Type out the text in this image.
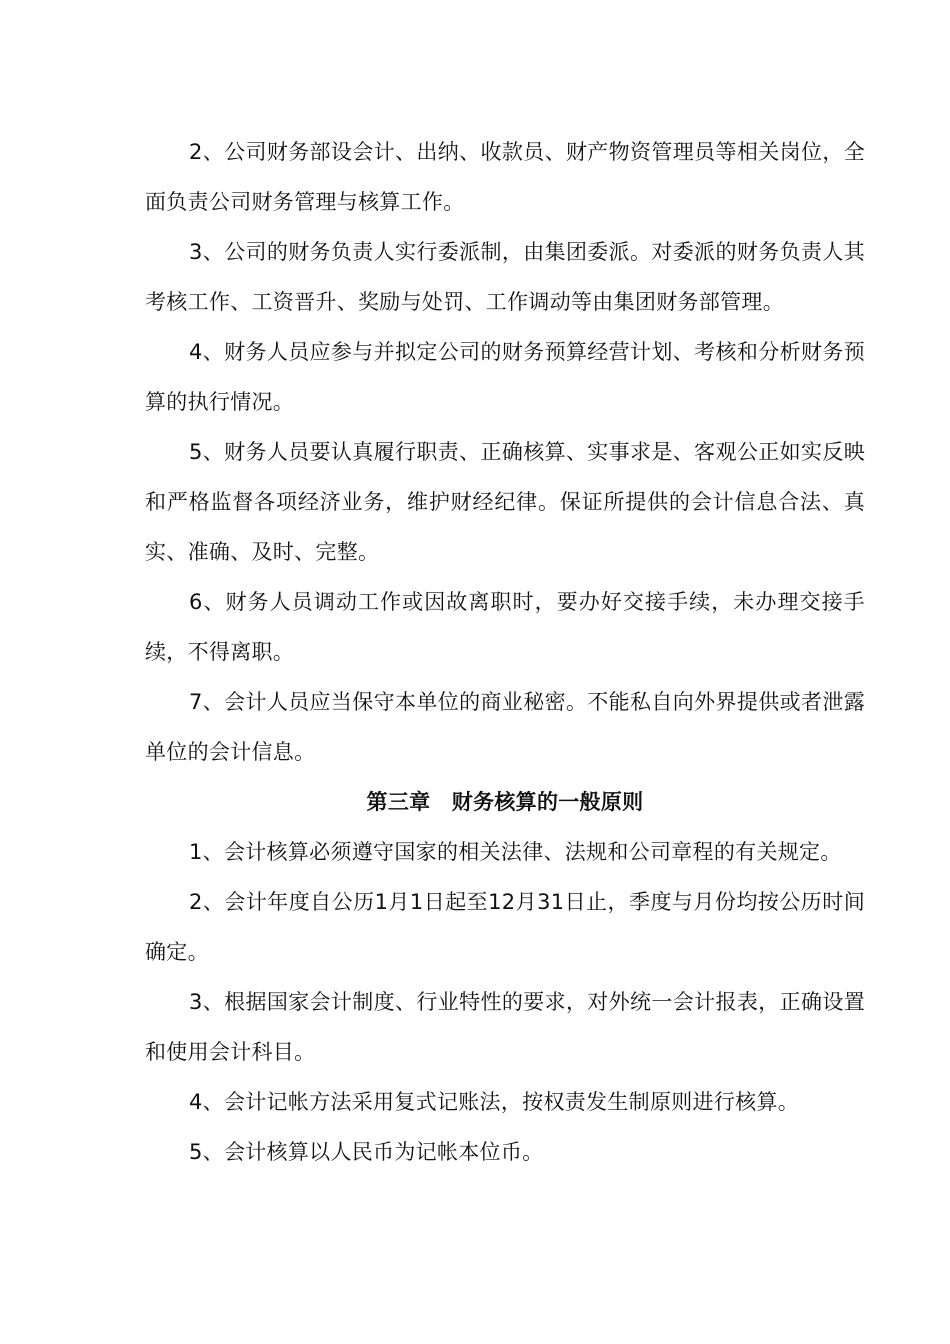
2、公司财务部设会计、出纳、收款员、财产物资管理员等相关岗位，全面负责公司财务管理与核算工作。

3、公司的财务负责人实行委派制，由集团委派。对委派的财务负责人其考核工作、工资晋升、奖励与处罚、工作调动等由集团财务部管理。

4、财务人员应参与并拟定公司的财务预算经营计划、考核和分析财务预算的执行情况。

5、财务人员要认真履行职责、正确核算、实事求是、客观公正如实反映和严格监督各项经济业务，维护财经纪律。保证所提供的会计信息合法、真实、准确、及时、完整。

6、财务人员调动工作或因故离职时，要办好交接手续，未办理交接手续，不得离职。

7、会计人员应当保守本单位的商业秘密。不能私自向外界提供或者泄露单位的会计信息。

第三章　财务核算的一般原则

1、会计核算必须遵守国家的相关法律、法规和公司章程的有关规定。

2、会计年度自公历1月1日起至12月31日止，季度与月份均按公历时间确定。

3、根据国家会计制度、行业特性的要求，对外统一会计报表，正确设置和使用会计科目。

4、会计记帐方法采用复式记账法，按权责发生制原则进行核算。

5、会计核算以人民币为记帐本位币。
